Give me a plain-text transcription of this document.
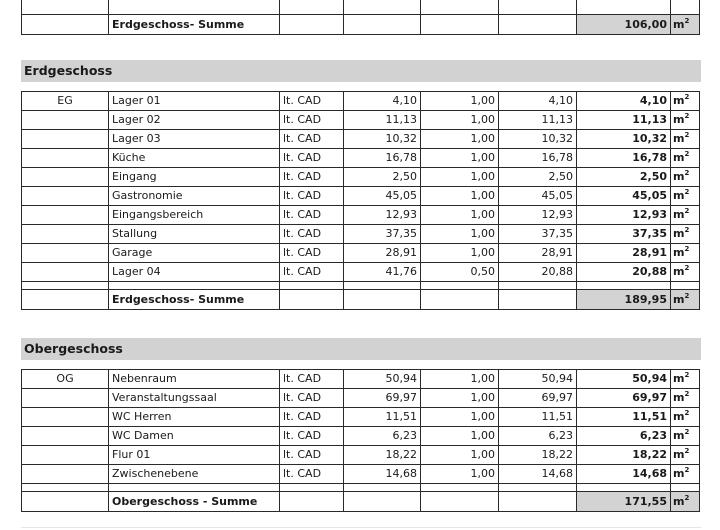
	Erdgeschoss- Summe					106,00	$m^2$
Erdgeschoss
EG	Lager 01	lt. CAD	4,10	1,00	4,10	4,10	$m^2$
	Lager 02	lt. CAD	11,13	1,00	11,13	11,13	$m^2$
	Lager 03	lt. CAD	10,32	1,00	10,32	10,32	$m^2$
	Küche	lt. CAD	16,78	1,00	16,78	16,78	$m^2$
	Eingang	lt. CAD	2,50	1,00	2,50	2,50	$m^2$
	Gastronomie	lt. CAD	45,05	1,00	45,05	45,05	$m^2$
	Eingangsbereich	lt. CAD	12,93	1,00	12,93	12,93	$m^2$
	Stallung	lt. CAD	37,35	1,00	37,35	37,35	$m^2$
	Garage	lt. CAD	28,91	1,00	28,91	28,91	$m^2$
	Lager 04	lt. CAD	41,76	0,50	20,88	20,88	$m^2$

	Erdgeschoss- Summe					189,95	$m^2$
Obergeschoss
OG	Nebenraum	lt. CAD	50,94	1,00	50,94	50,94	$m^2$
	Veranstaltungssaal	lt. CAD	69,97	1,00	69,97	69,97	$m^2$
	WC Herren	lt. CAD	11,51	1,00	11,51	11,51	$m^2$
	WC Damen	lt. CAD	6,23	1,00	6,23	6,23	$m^2$
	Flur 01	lt. CAD	18,22	1,00	18,22	18,22	$m^2$
	Zwischenebene	lt. CAD	14,68	1,00	14,68	14,68	$m^2$

	Obergeschoss - Summe					171,55	$m^2$
